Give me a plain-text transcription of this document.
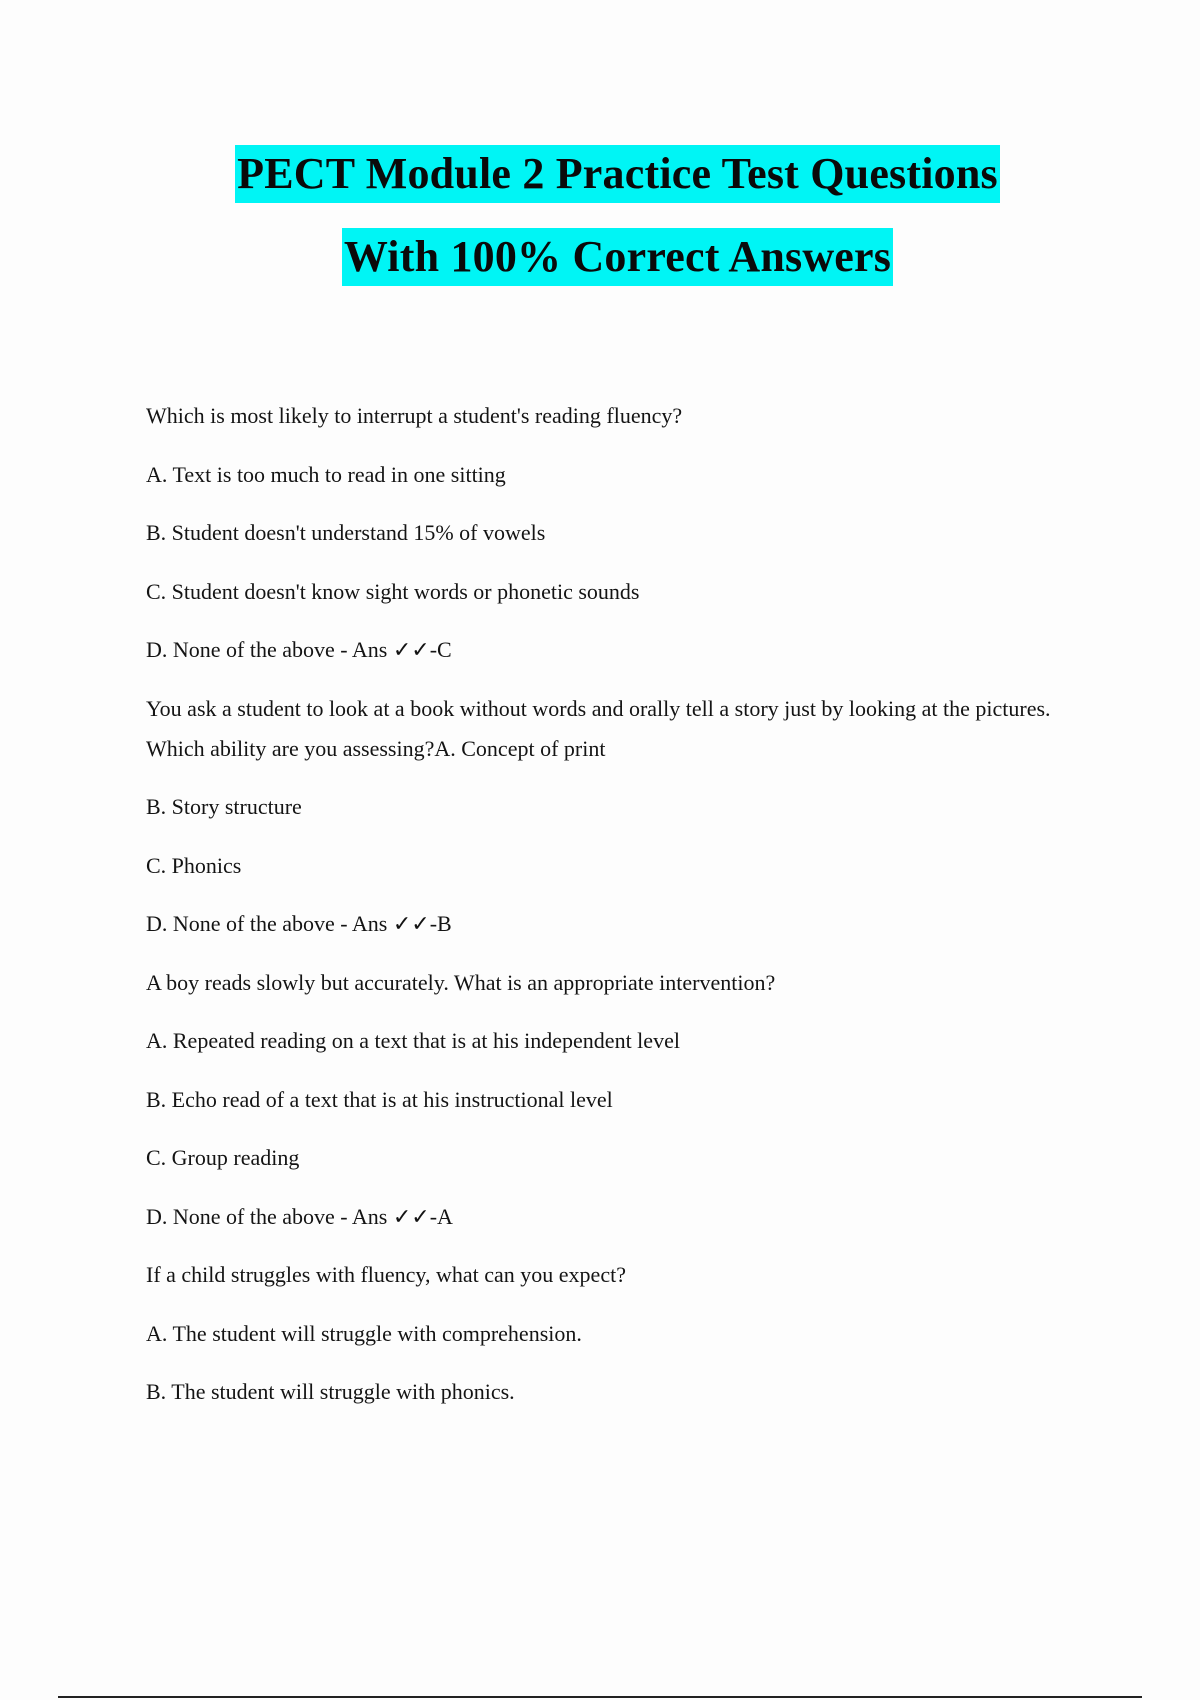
PECT Module 2 Practice Test Questions
With 100% Correct Answers

Which is most likely to interrupt a student's reading fluency?

A. Text is too much to read in one sitting

B. Student doesn't understand 15% of vowels

C. Student doesn't know sight words or phonetic sounds

D. None of the above - Ans ✓✓-C

You ask a student to look at a book without words and orally tell a story just by looking at the pictures. Which ability are you assessing?A. Concept of print

B. Story structure

C. Phonics

D. None of the above - Ans ✓✓-B

A boy reads slowly but accurately. What is an appropriate intervention?

A. Repeated reading on a text that is at his independent level

B. Echo read of a text that is at his instructional level

C. Group reading

D. None of the above - Ans ✓✓-A

If a child struggles with fluency, what can you expect?

A. The student will struggle with comprehension.

B. The student will struggle with phonics.
